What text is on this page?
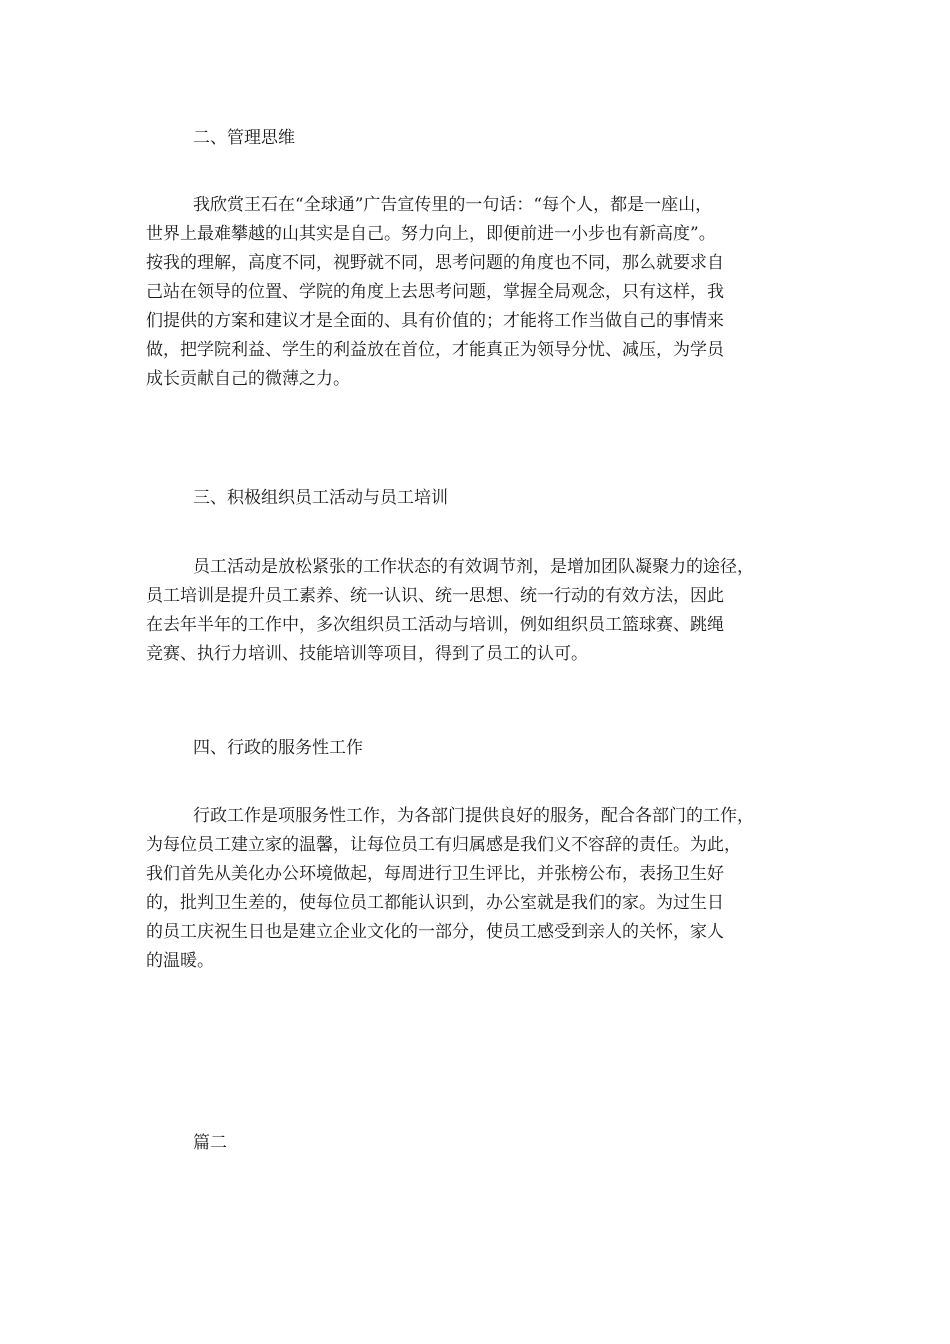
二、管理思维
我欣赏王石在“全球通”广告宣传里的一句话：“每个人，都是一座山，
世界上最难攀越的山其实是自己。努力向上，即便前进一小步也有新高度”。
按我的理解，高度不同，视野就不同，思考问题的角度也不同，那么就要求自
己站在领导的位置、学院的角度上去思考问题，掌握全局观念，只有这样，我
们提供的方案和建议才是全面的、具有价值的；才能将工作当做自己的事情来
做，把学院利益、学生的利益放在首位，才能真正为领导分忧、减压，为学员
成长贡献自己的微薄之力。
三、积极组织员工活动与员工培训
员工活动是放松紧张的工作状态的有效调节剂，是增加团队凝聚力的途径，
员工培训是提升员工素养、统一认识、统一思想、统一行动的有效方法，因此
在去年半年的工作中，多次组织员工活动与培训，例如组织员工篮球赛、跳绳
竞赛、执行力培训、技能培训等项目，得到了员工的认可。
四、行政的服务性工作
行政工作是项服务性工作，为各部门提供良好的服务，配合各部门的工作，
为每位员工建立家的温馨，让每位员工有归属感是我们义不容辞的责任。为此，
我们首先从美化办公环境做起，每周进行卫生评比，并张榜公布，表扬卫生好
的，批判卫生差的，使每位员工都能认识到，办公室就是我们的家。为过生日
的员工庆祝生日也是建立企业文化的一部分，使员工感受到亲人的关怀，家人
的温暖。
篇二
